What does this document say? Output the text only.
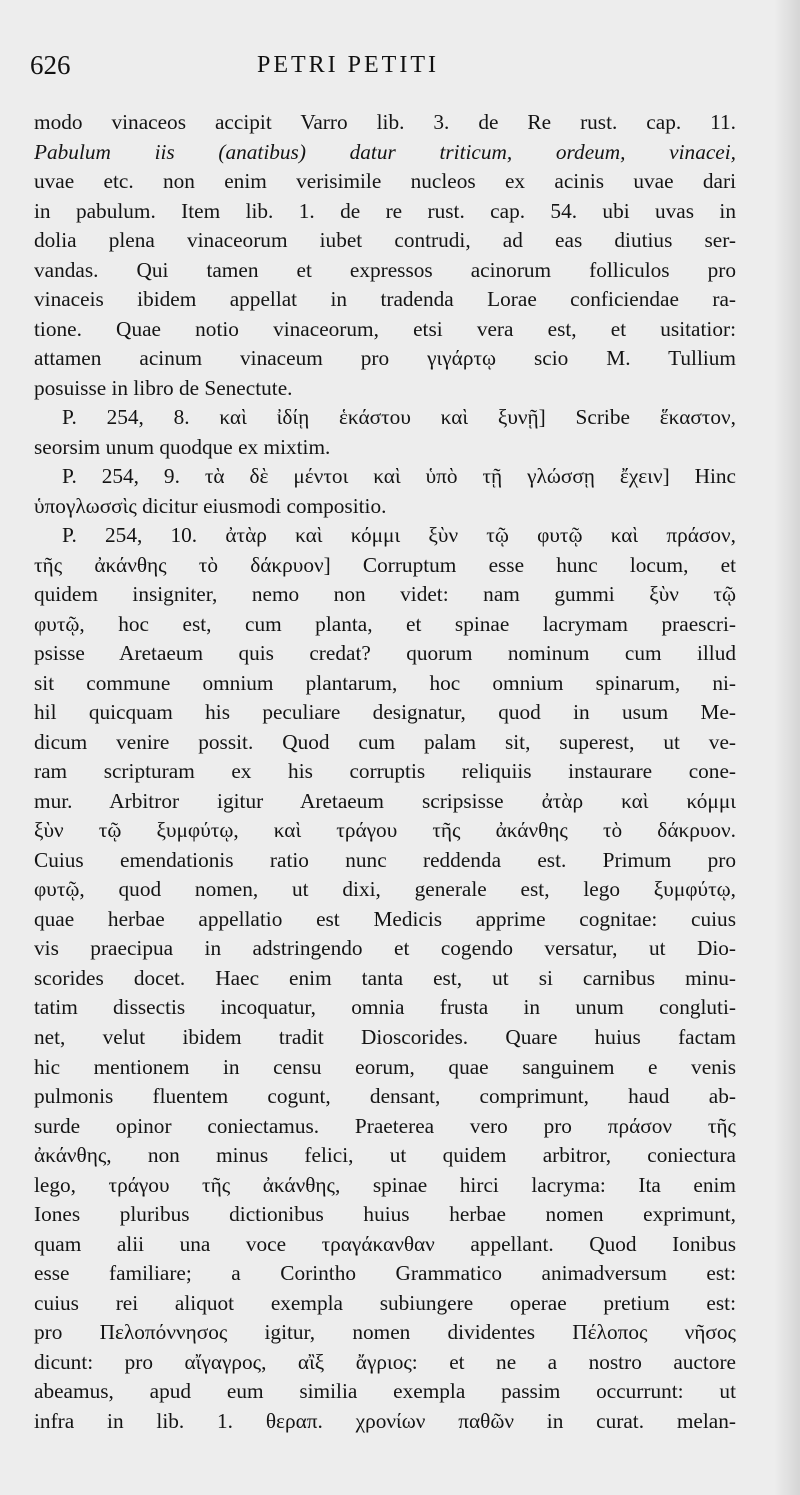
626	PETRI PETITI
modo vinaceos accipit Varro lib. 3. de Re rust. cap. 11.
Pabulum iis (anatibus) datur triticum, ordeum, vinacei,
uvae etc. non enim verisimile nucleos ex acinis uvae dari
in pabulum. Item lib. 1. de re rust. cap. 54. ubi uvas in
dolia plena vinaceorum iubet contrudi, ad eas diutius ser-
vandas. Qui tamen et expressos acinorum folliculos pro
vinaceis ibidem appellat in tradenda Lorae conficiendae ra-
tione. Quae notio vinaceorum, etsi vera est, et usitatior:
attamen acinum vinaceum pro γιγάρτῳ scio M. Tullium
posuisse in libro de Senectute.
P. 254, 8. καὶ ἰδίῃ ἑκάστου καὶ ξυνῇ] Scribe ἕκαστον,
seorsim unum quodque ex mixtim.
P. 254, 9. τὰ δὲ μέντοι καὶ ὑπὸ τῇ γλώσσῃ ἔχειν] Hinc
ὑπογλωσσὶς dicitur eiusmodi compositio.
P. 254, 10. ἀτὰρ καὶ κόμμι ξὺν τῷ φυτῷ καὶ πράσον,
τῆς ἀκάνθης τὸ δάκρυον] Corruptum esse hunc locum, et
quidem insigniter, nemo non videt: nam gummi ξὺν τῷ
φυτῷ, hoc est, cum planta, et spinae lacrymam praescri-
psisse Aretaeum quis credat? quorum nominum cum illud
sit commune omnium plantarum, hoc omnium spinarum, ni-
hil quicquam his peculiare designatur, quod in usum Me-
dicum venire possit. Quod cum palam sit, superest, ut ve-
ram scripturam ex his corruptis reliquiis instaurare cone-
mur. Arbitror igitur Aretaeum scripsisse ἀτὰρ καὶ κόμμι
ξὺν τῷ ξυμφύτῳ, καὶ τράγου τῆς ἀκάνθης τὸ δάκρυον.
Cuius emendationis ratio nunc reddenda est. Primum pro
φυτῷ, quod nomen, ut dixi, generale est, lego ξυμφύτῳ,
quae herbae appellatio est Medicis apprime cognitae: cuius
vis praecipua in adstringendo et cogendo versatur, ut Dio-
scorides docet. Haec enim tanta est, ut si carnibus minu-
tatim dissectis incoquatur, omnia frusta in unum congluti-
net, velut ibidem tradit Dioscorides. Quare huius factam
hic mentionem in censu eorum, quae sanguinem e venis
pulmonis fluentem cogunt, densant, comprimunt, haud ab-
surde opinor coniectamus. Praeterea vero pro πράσον τῆς
ἀκάνθης, non minus felici, ut quidem arbitror, coniectura
lego, τράγου τῆς ἀκάνθης, spinae hirci lacryma: Ita enim
Iones pluribus dictionibus huius herbae nomen exprimunt,
quam alii una voce τραγάκανθαν appellant. Quod Ionibus
esse familiare; a Corintho Grammatico animadversum est:
cuius rei aliquot exempla subiungere operae pretium est:
pro Πελοπόννησος igitur, nomen dividentes Πέλοπος νῆσος
dicunt: pro αἴγαγρος, αἲξ ἄγριος: et ne a nostro auctore
abeamus, apud eum similia exempla passim occurrunt: ut
infra in lib. 1. θεραπ. χρονίων παθῶν in curat. melan-
